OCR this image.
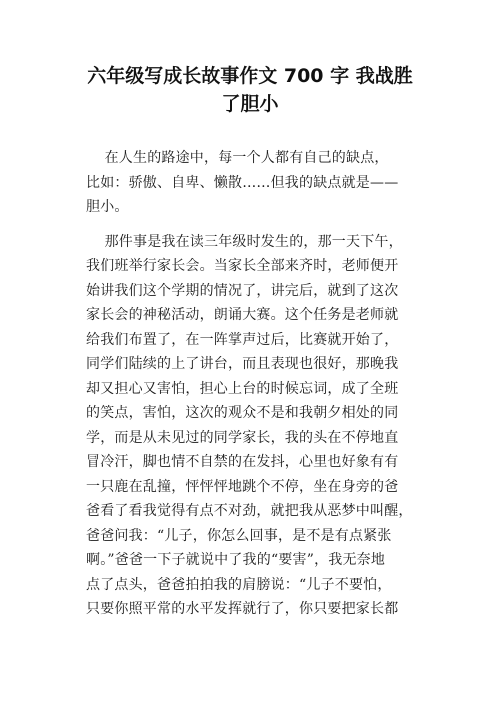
六年级写成长故事作文 700 字 我战胜
了胆小
在人生的路途中，每一个人都有自己的缺点，
比如：骄傲、自卑、懒散……但我的缺点就是——
胆小。
那件事是我在读三年级时发生的，那一天下午，
我们班举行家长会。当家长全部来齐时，老师便开
始讲我们这个学期的情况了，讲完后，就到了这次
家长会的神秘活动，朗诵大赛。这个任务是老师就
给我们布置了，在一阵掌声过后，比赛就开始了，
同学们陆续的上了讲台，而且表现也很好，那晚我
却又担心又害怕，担心上台的时候忘词，成了全班
的笑点，害怕，这次的观众不是和我朝夕相处的同
学，而是从未见过的同学家长，我的头在不停地直
冒冷汗，脚也情不自禁的在发抖，心里也好象有有
一只鹿在乱撞，怦怦怦地跳个不停，坐在身旁的爸
爸看了看我觉得有点不对劲，就把我从恶梦中叫醒，
爸爸问我：“儿子，你怎么回事，是不是有点紧张
啊。”爸爸一下子就说中了我的“要害”，我无奈地
点了点头，爸爸拍拍我的肩膀说：“儿子不要怕，
只要你照平常的水平发挥就行了，你只要把家长都
